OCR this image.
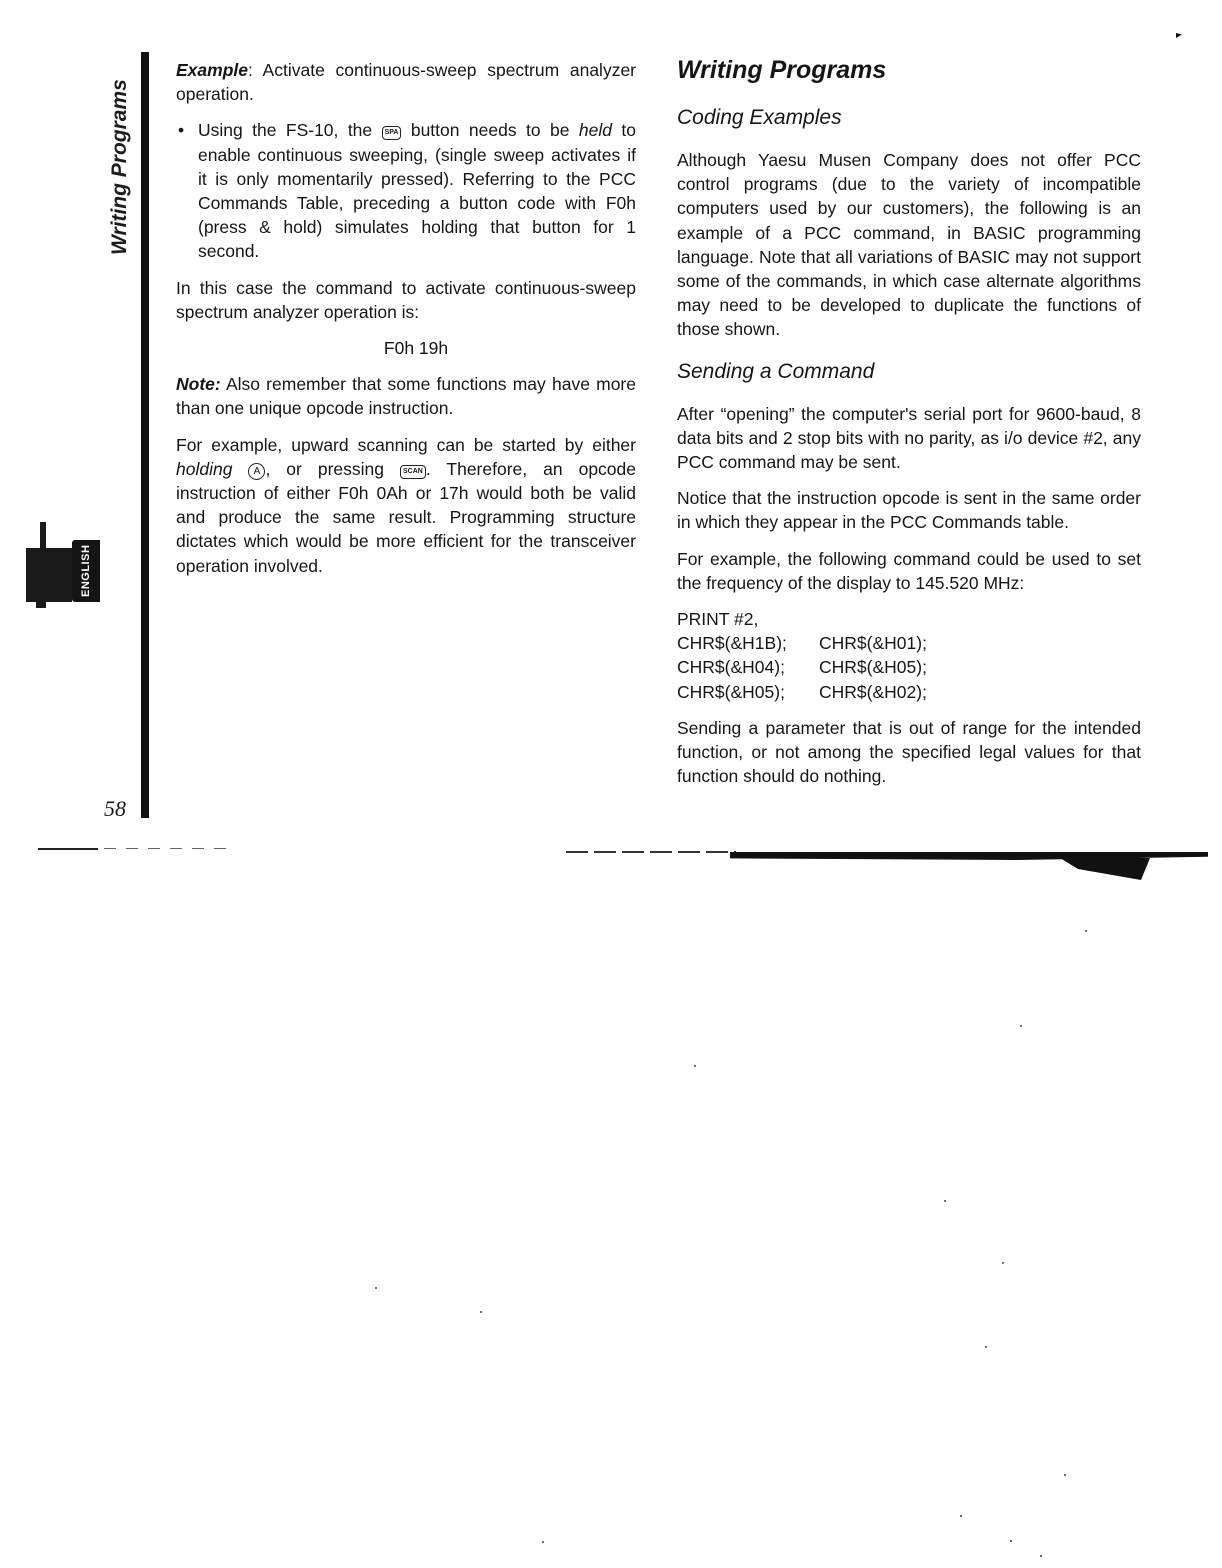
Writing Programs
ENGLISH
58

Example: Activate continuous-sweep spectrum analyzer operation.

• Using the FS-10, the SPA button needs to be held to enable continuous sweeping, (single sweep activates if it is only momentarily pressed). Referring to the PCC Commands Table, preceding a button code with F0h (press & hold) simulates holding that button for 1 second.

In this case the command to activate continuous-sweep spectrum analyzer operation is:

F0h 19h

Note: Also remember that some functions may have more than one unique opcode instruction.

For example, upward scanning can be started by either holding A , or pressing SCAN . Therefore, an opcode instruction of either F0h 0Ah or 17h would both be valid and produce the same result. Programming structure dictates which would be more efficient for the transceiver operation involved.

Writing Programs
Coding Examples

Although Yaesu Musen Company does not offer PCC control programs (due to the variety of incompatible computers used by our customers), the following is an example of a PCC command, in BASIC programming language. Note that all variations of BASIC may not support some of the commands, in which case alternate algorithms may need to be developed to duplicate the functions of those shown.

Sending a Command

After “opening” the computer's serial port for 9600-baud, 8 data bits and 2 stop bits with no parity, as i/o device #2, any PCC command may be sent.

Notice that the instruction opcode is sent in the same order in which they appear in the PCC Commands table.

For example, the following command could be used to set the frequency of the display to 145.520 MHz:

PRINT #2,
CHR$(&H1B);	CHR$(&H01);
CHR$(&H04);	CHR$(&H05);
CHR$(&H05);	CHR$(&H02);

Sending a parameter that is out of range for the intended function, or not among the specified legal values for that function should do nothing.
